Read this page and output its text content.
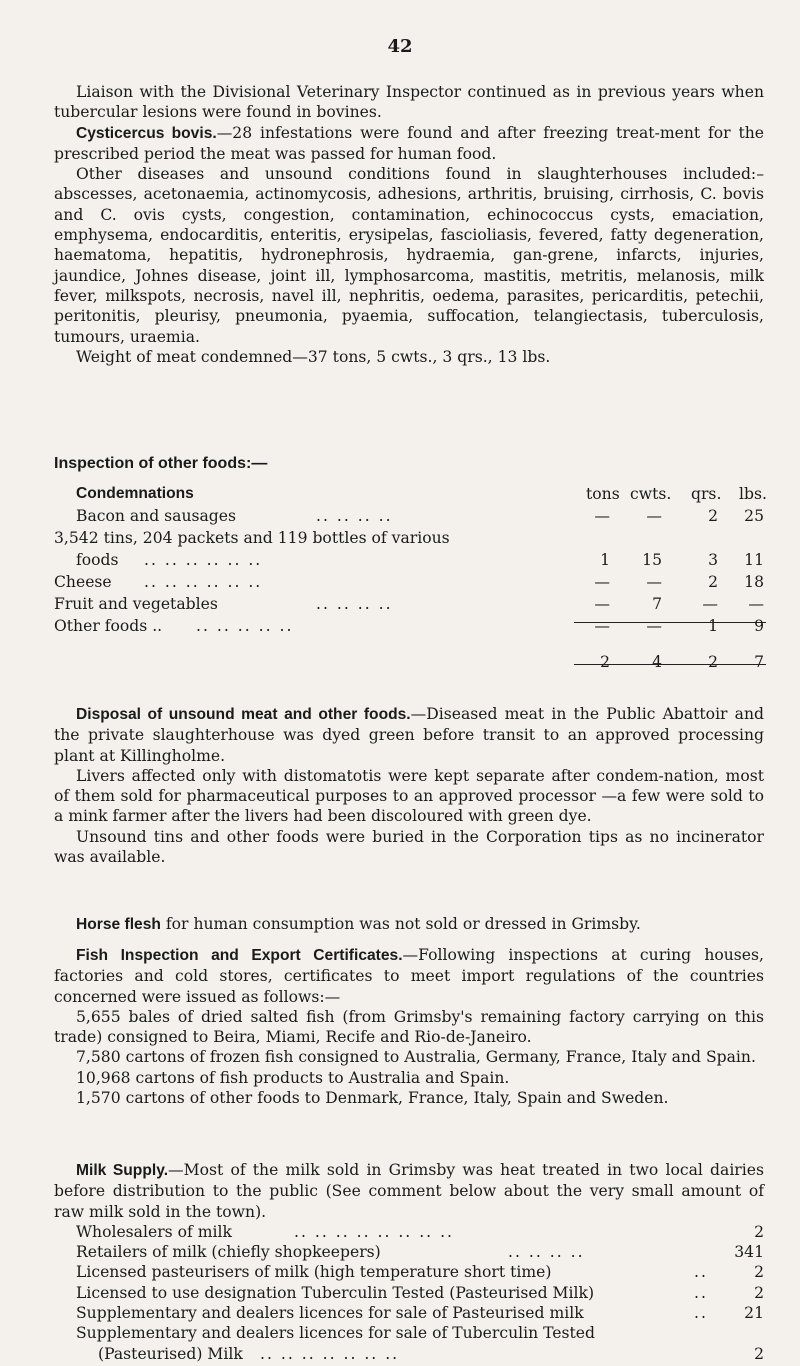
42

Liaison with the Divisional Veterinary Inspector continued as in previous years when tubercular lesions were found in bovines.

Cysticercus bovis.—28 infestations were found and after freezing treat-ment for the prescribed period the meat was passed for human food.

Other diseases and unsound conditions found in slaughterhouses included:– abscesses, acetonaemia, actinomycosis, adhesions, arthritis, bruising, cirrhosis, C. bovis and C. ovis cysts, congestion, contamination, echinococcus cysts, emaciation, emphysema, endocarditis, enteritis, erysipelas, fascioliasis, fevered, fatty degeneration, haematoma, hepatitis, hydronephrosis, hydraemia, gan-grene, infarcts, injuries, jaundice, Johnes disease, joint ill, lymphosarcoma, mastitis, metritis, melanosis, milk fever, milkspots, necrosis, navel ill, nephritis, oedema, parasites, pericarditis, petechii, peritonitis, pleurisy, pneumonia, pyaemia, suffocation, telangiectasis, tuberculosis, tumours, uraemia.

Weight of meat condemned—37 tons, 5 cwts., 3 qrs., 13 lbs.

Inspection of other foods:—
Condemnations	tons cwts. qrs. lbs.
Bacon and sausages	.. .. .. ..	—	—	2 25
3,542 tins, 204 packets and 119 bottles of various
foods .. .. .. .. .. ..	1	15	3 11
Cheese .. .. .. .. .. ..	—	—	2 18
Fruit and vegetables	.. .. .. ..	—	7	—	—
Other foods .. .. .. .. .. ..	—	—	1	9
2	4	2	7

Disposal of unsound meat and other foods.—Diseased meat in the Public Abattoir and the private slaughterhouse was dyed green before transit to an approved processing plant at Killingholme.

Livers affected only with distomatotis were kept separate after condem-nation, most of them sold for pharmaceutical purposes to an approved processor —a few were sold to a mink farmer after the livers had been discoloured with green dye.

Unsound tins and other foods were buried in the Corporation tips as no incinerator was available.

Horse flesh for human consumption was not sold or dressed in Grimsby.

Fish Inspection and Export Certificates.—Following inspections at curing houses, factories and cold stores, certificates to meet import regulations of the countries concerned were issued as follows:—

5,655 bales of dried salted fish (from Grimsby's remaining factory carrying on this trade) consigned to Beira, Miami, Recife and Rio-de-Janeiro.

7,580 cartons of frozen fish consigned to Australia, Germany, France, Italy and Spain.

10,968 cartons of fish products to Australia and Spain.

1,570 cartons of other foods to Denmark, France, Italy, Spain and Sweden.

Milk Supply.—Most of the milk sold in Grimsby was heat treated in two local dairies before distribution to the public (See comment below about the very small amount of raw milk sold in the town).

Wholesalers of milk	.. .. .. .. .. .. .. ..	2
Retailers of milk (chiefly shopkeepers)	.. .. .. ..	341
Licensed pasteurisers of milk (high temperature short time)	..	2
Licensed to use designation Tuberculin Tested (Pasteurised Milk)	..	2
Supplementary and dealers licences for sale of Pasteurised milk	..	21
Supplementary and dealers licences for sale of Tuberculin Tested
(Pasteurised) Milk .. .. .. .. .. .. ..	2
